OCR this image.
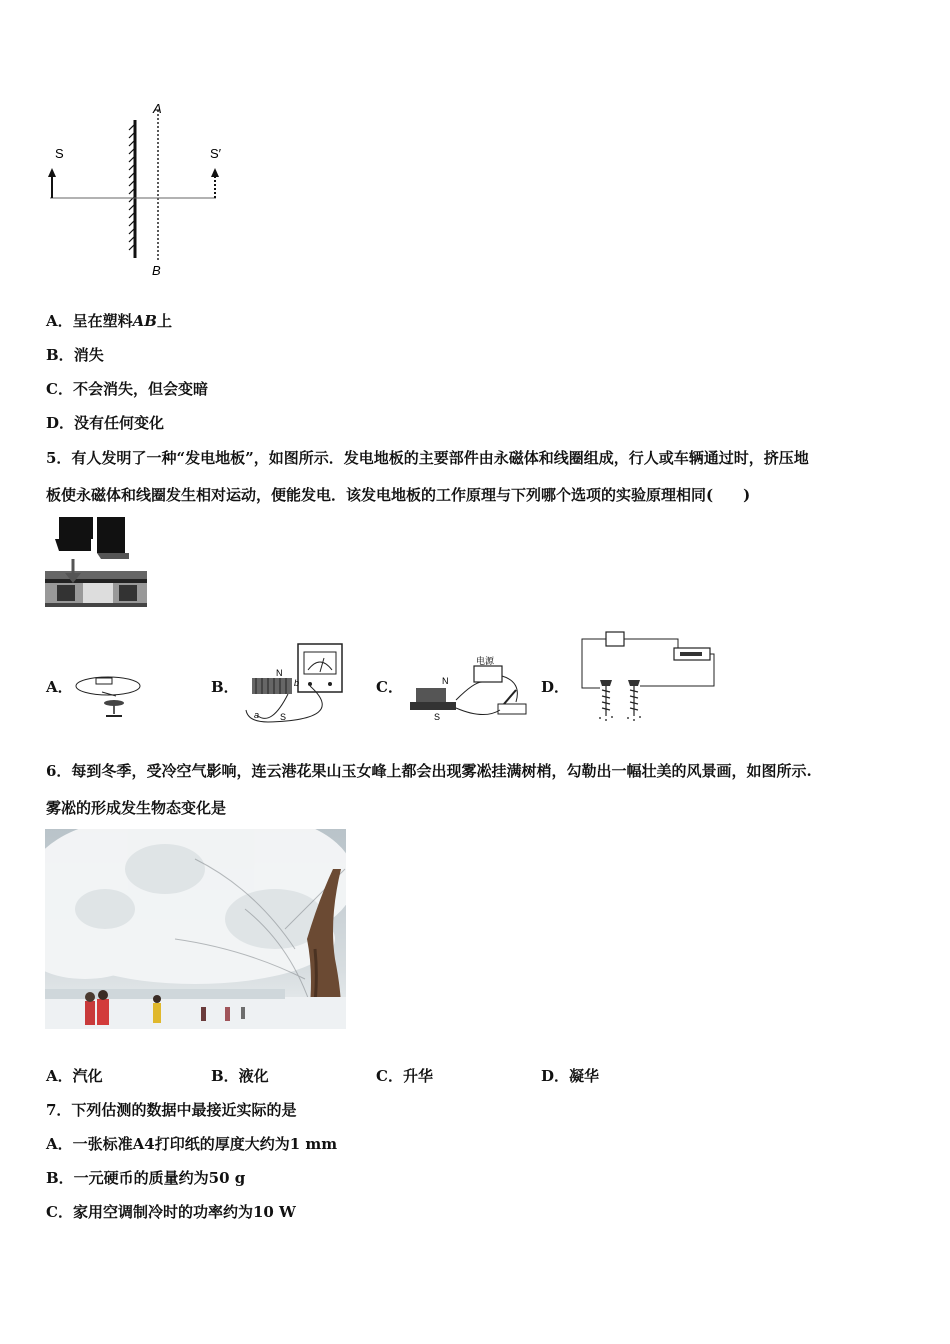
S	S′
A
B
A．呈在塑料AB上
B．消失
C．不会消失，但会变暗
D．没有任何变化
5．有人发明了一种“发电地板”，如图所示．发电地板的主要部件由永磁体和线圈组成，行人或车辆通过时，挤压地
板使永磁体和线圈发生相对运动，便能发电．该发电地板的工作原理与下列哪个选项的实验原理相同(　　)
A．	B．
N
b
a S
C．
电源
N
S
D．
6．每到冬季，受冷空气影响，连云港花果山玉女峰上都会出现雾凇挂满树梢，勾勒出一幅壮美的风景画，如图所示.
雾凇的形成发生物态变化是
A．汽化	B．液化	C．升华	D．凝华
7．下列估测的数据中最接近实际的是
A．一张标准A4打印纸的厚度大约为1 mm
B．一元硬币的质量约为50 g
C．家用空调制冷时的功率约为10 W
